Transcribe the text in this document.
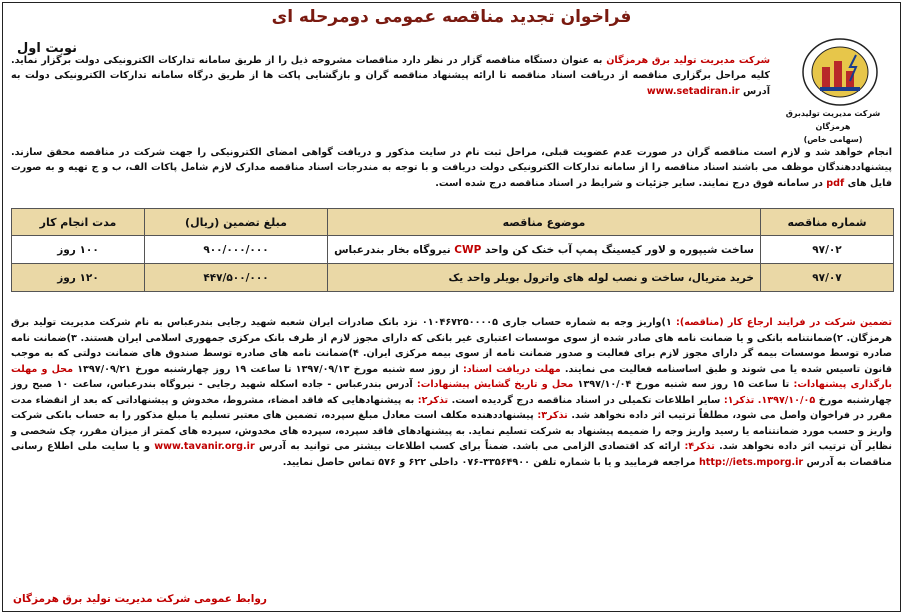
فراخوان تجدید مناقصه عمومی دومرحله ای
نوبت اول
شرکت مدیریت تولیدبرق هرمزگان
(سهامی خاص)
شرکت مدیریت تولید برق هرمزگان به عنوان دستگاه مناقصه گزار در نظر دارد مناقصات مشروحه ذیل را از طریق سامانه تدارکات الکترونیکی دولت برگزار نماید. کلیه مراحل برگزاری مناقصه از دریافت اسناد مناقصه تا ارائه پیشنهاد مناقصه گران و بازگشایی پاکت ها از طریق درگاه سامانه تدارکات الکترونیکی دولت به آدرس www.setadiran.ir
انجام خواهد شد و لازم است مناقصه گران در صورت عدم عضویت قبلی، مراحل ثبت نام در سایت مذکور و دریافت گواهی امضای الکترونیکی را جهت شرکت در مناقصه محقق سازند. پیشنهاددهندگان موظف می باشند اسناد مناقصه را از سامانه تدارکات الکترونیکی دولت دریافت و با توجه به مندرجات اسناد مناقصه مدارک لازم شامل پاکات الف، ب و ج تهیه و به صورت فایل های pdf در سامانه فوق درج نمایند. سایر جزئیات و شرایط در اسناد مناقصه درج شده است.
شماره مناقصه	موضوع مناقصه	مبلغ تضمین (ریال)	مدت انجام کار
۹۷/۰۲	ساخت شیپوره و لاور کیسینگ پمپ آب خنک کن واحد CWP نیروگاه بخار بندرعباس	۹۰۰/۰۰۰/۰۰۰	۱۰۰ روز
۹۷/۰۷	خرید متریال، ساخت و نصب لوله های واترول بویلر واحد یک	۴۴۷/۵۰۰/۰۰۰	۱۲۰ روز
تضمین شرکت در فرایند ارجاع کار (مناقصه): ۱)واریز وجه به شماره حساب جاری ۰۱۰۴۶۷۲۵۰۰۰۰۵ نزد بانک صادرات ایران شعبه شهید رجایی بندرعباس به نام شرکت مدیریت تولید برق هرمزگان. ۲)ضمانتنامه بانکی و یا ضمانت نامه های صادر شده از سوی موسسات اعتباری غیر بانکی که دارای مجوز لازم از طرف بانک مرکزی جمهوری اسلامی ایران هستند. ۳)ضمانت نامه صادره توسط موسسات بیمه گر دارای مجوز لازم برای فعالیت و صدور ضمانت نامه از سوی بیمه مرکزی ایران. ۴)ضمانت نامه های صادره توسط صندوق های ضمانت دولتی که به موجب قانون تاسیس شده یا می شوند و طبق اساسنامه فعالیت می نمایند. مهلت دریافت اسناد: از روز سه شنبه مورخ ۱۳۹۷/۰۹/۱۳ تا ساعت ۱۹ روز چهارشنبه مورخ ۱۳۹۷/۰۹/۲۱ محل و مهلت بارگذاری پیشنهادات: تا ساعت ۱۵ روز سه شنبه مورخ ۱۳۹۷/۱۰/۰۴ محل و تاریخ گشایش پیشنهادات: آدرس بندرعباس - جاده اسکله شهید رجایی - نیروگاه بندرعباس، ساعت ۱۰ صبح روز چهارشنبه مورخ ۱۳۹۷/۱۰/۰۵. تذکر۱: سایر اطلاعات تکمیلی در اسناد مناقصه درج گردیده است. تذکر۲: به پیشنهادهایی که فاقد امضاء، مشروط، مخدوش و پیشنهاداتی که بعد از انقضاء مدت مقرر در فراخوان واصل می شود، مطلقاً ترتیب اثر داده نخواهد شد. تذکر۳: پیشنهاددهنده مکلف است معادل مبلغ سپرده، تضمین های معتبر تسلیم یا مبلغ مذکور را به حساب بانکی شرکت واریز و حسب مورد ضمانتنامه یا رسید واریز وجه را ضمیمه پیشنهاد به شرکت تسلیم نماید. به پیشنهادهای فاقد سپرده، سپرده های مخدوش، سپرده های کمتر از میزان مقرر، چک شخصی و نظایر آن ترتیب اثر داده نخواهد شد. تذکر۴: ارائه کد اقتصادی الزامی می باشد. ضمناً برای کسب اطلاعات بیشتر می توانید به آدرس www.tavanir.org.ir و یا سایت ملی اطلاع رسانی مناقصات به آدرس http://iets.mporg.ir مراجعه فرمایید و یا با شماره تلفن ۳۳۵۶۴۹۰۰-۰۷۶ داخلی ۶۲۲ و ۵۷۶ تماس حاصل نمایید.
روابط عمومی شرکت مدیریت تولید برق هرمزگان
